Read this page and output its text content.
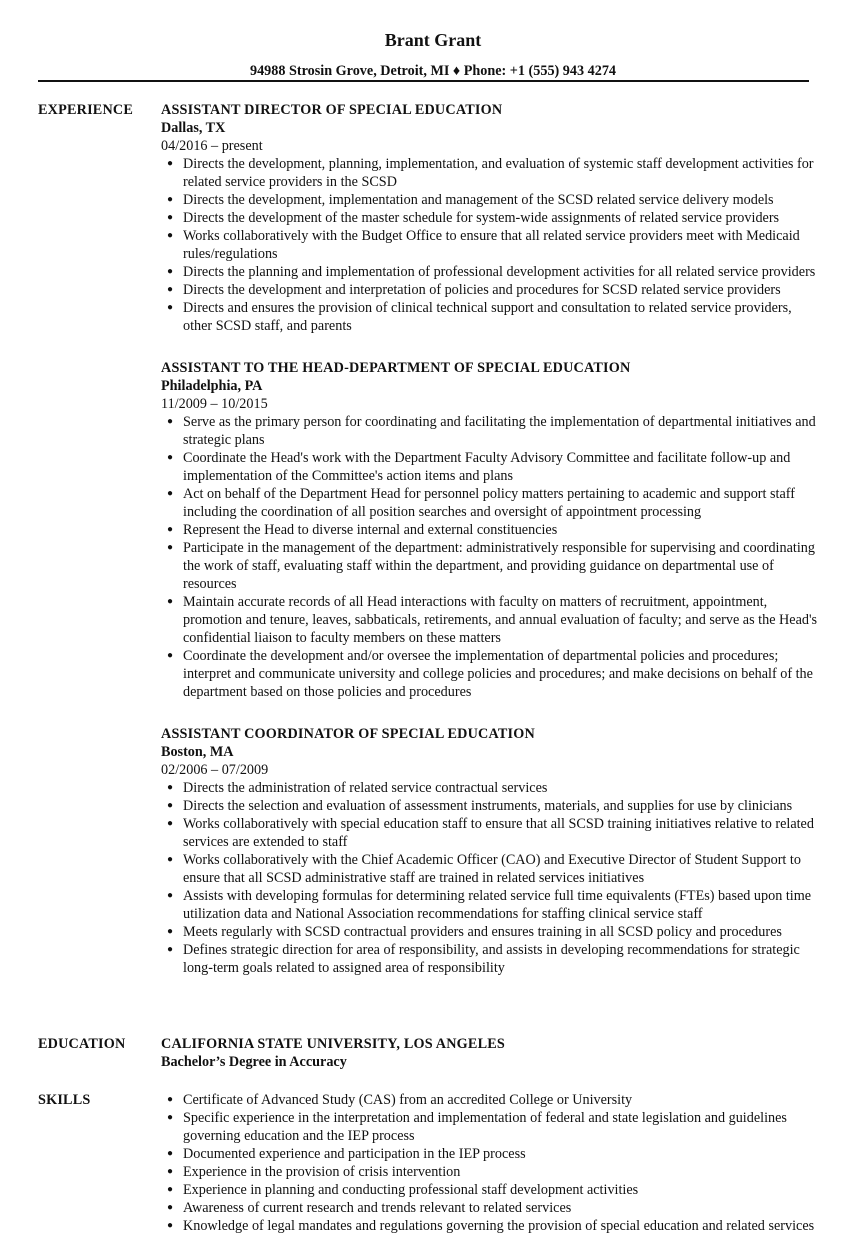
Brant Grant
94988 Strosin Grove, Detroit, MI ♦ Phone: +1 (555) 943 4274
EXPERIENCE ASSISTANT DIRECTOR OF SPECIAL EDUCATION
Dallas, TX
04/2016 – present
● Directs the development, planning, implementation, and evaluation of systemic staff development activities for related service providers in the SCSD
● Directs the development, implementation and management of the SCSD related service delivery models
● Directs the development of the master schedule for system-wide assignments of related service providers
● Works collaboratively with the Budget Office to ensure that all related service providers meet with Medicaid rules/regulations
● Directs the planning and implementation of professional development activities for all related service providers
● Directs the development and interpretation of policies and procedures for SCSD related service providers
● Directs and ensures the provision of clinical technical support and consultation to related service providers, other SCSD staff, and parents
ASSISTANT TO THE HEAD-DEPARTMENT OF SPECIAL EDUCATION
Philadelphia, PA
11/2009 – 10/2015
● Serve as the primary person for coordinating and facilitating the implementation of departmental initiatives and strategic plans
● Coordinate the Head's work with the Department Faculty Advisory Committee and facilitate follow-up and implementation of the Committee's action items and plans
● Act on behalf of the Department Head for personnel policy matters pertaining to academic and support staff including the coordination of all position searches and oversight of appointment processing
● Represent the Head to diverse internal and external constituencies
● Participate in the management of the department: administratively responsible for supervising and coordinating the work of staff, evaluating staff within the department, and providing guidance on departmental use of resources
● Maintain accurate records of all Head interactions with faculty on matters of recruitment, appointment, promotion and tenure, leaves, sabbaticals, retirements, and annual evaluation of faculty; and serve as the Head's confidential liaison to faculty members on these matters
● Coordinate the development and/or oversee the implementation of departmental policies and procedures; interpret and communicate university and college policies and procedures; and make decisions on behalf of the department based on those policies and procedures
ASSISTANT COORDINATOR OF SPECIAL EDUCATION
Boston, MA
02/2006 – 07/2009
● Directs the administration of related service contractual services
● Directs the selection and evaluation of assessment instruments, materials, and supplies for use by clinicians
● Works collaboratively with special education staff to ensure that all SCSD training initiatives relative to related services are extended to staff
● Works collaboratively with the Chief Academic Officer (CAO) and Executive Director of Student Support to ensure that all SCSD administrative staff are trained in related services initiatives
● Assists with developing formulas for determining related service full time equivalents (FTEs) based upon time utilization data and National Association recommendations for staffing clinical service staff
● Meets regularly with SCSD contractual providers and ensures training in all SCSD policy and procedures
● Defines strategic direction for area of responsibility, and assists in developing recommendations for strategic long-term goals related to assigned area of responsibility
EDUCATION	CALIFORNIA STATE UNIVERSITY, LOS ANGELES
Bachelor’s Degree in Accuracy
SKILLS	● Certificate of Advanced Study (CAS) from an accredited College or University
● Specific experience in the interpretation and implementation of federal and state legislation and guidelines governing education and the IEP process
● Documented experience and participation in the IEP process
● Experience in the provision of crisis intervention
● Experience in planning and conducting professional staff development activities
● Awareness of current research and trends relevant to related services
● Knowledge of legal mandates and regulations governing the provision of special education and related services
